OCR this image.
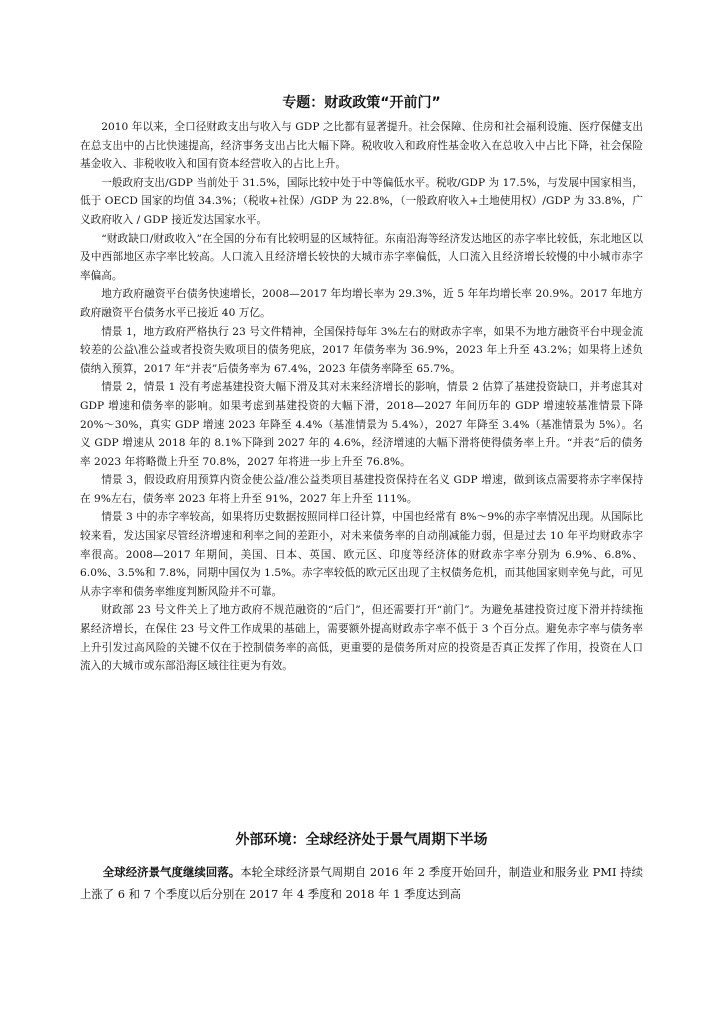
专题：财政政策“开前门”

2010 年以来，全口径财政支出与收入与 GDP 之比都有显著提升。社会保障、住房和社会福利设施、医疗保健支出在总支出中的占比快速提高，经济事务支出占比大幅下降。税收收入和政府性基金收入在总收入中占比下降，社会保险基金收入、非税收收入和国有资本经营收入的占比上升。

一般政府支出/GDP 当前处于 31.5%，国际比较中处于中等偏低水平。税收/GDP 为 17.5%，与发展中国家相当，低于 OECD 国家的均值 34.3%；（税收+社保）/GDP 为 22.8%，（一般政府收入+土地使用权）/GDP 为 33.8%，广义政府收入 / GDP 接近发达国家水平。

“财政缺口/财政收入”在全国的分布有比较明显的区域特征。东南沿海等经济发达地区的赤字率比较低，东北地区以及中西部地区赤字率比较高。人口流入且经济增长较快的大城市赤字率偏低，人口流入且经济增长较慢的中小城市赤字率偏高。

地方政府融资平台债务快速增长，2008—2017 年均增长率为 29.3%，近 5 年年均增长率 20.9%。2017 年地方政府融资平台债务水平已接近 40 万亿。

情景 1，地方政府严格执行 23 号文件精神，全国保持每年 3%左右的财政赤字率，如果不为地方融资平台中现金流较差的公益\准公益或者投资失败项目的债务兜底，2017 年债务率为 36.9%，2023 年上升至 43.2%；如果将上述负债纳入预算，2017 年“并表”后债务率为 67.4%，2023 年债务率降至 65.7%。

情景 2，情景 1 没有考虑基建投资大幅下滑及其对未来经济增长的影响，情景 2 估算了基建投资缺口，并考虑其对 GDP 增速和债务率的影响。如果考虑到基建投资的大幅下滑，2018—2027 年间历年的 GDP 增速较基准情景下降 20%～30%，真实 GDP 增速 2023 年降至 4.4%（基准情景为 5.4%），2027 年降至 3.4%（基准情景为 5%）。名义 GDP 增速从 2018 年的 8.1%下降到 2027 年的 4.6%，经济增速的大幅下滑将使得债务率上升。“并表”后的债务率 2023 年将略微上升至 70.8%，2027 年将进一步上升至 76.8%。

情景 3，假设政府用预算内资金使公益/准公益类项目基建投资保持在名义 GDP 增速，做到该点需要将赤字率保持在 9%左右，债务率 2023 年将上升至 91%，2027 年上升至 111%。

情景 3 中的赤字率较高，如果将历史数据按照同样口径计算，中国也经常有 8%～9%的赤字率情况出现。从国际比较来看，发达国家尽管经济增速和利率之间的差距小，对未来债务率的自动削减能力弱，但是过去 10 年平均财政赤字率很高。2008—2017 年期间，美国、日本、英国、欧元区、印度等经济体的财政赤字率分别为 6.9%、6.8%、6.0%、3.5%和 7.8%，同期中国仅为 1.5%。赤字率较低的欧元区出现了主权债务危机，而其他国家则幸免与此，可见从赤字率和债务率维度判断风险并不可靠。

财政部 23 号文件关上了地方政府不规范融资的“后门”，但还需要打开“前门”。为避免基建投资过度下滑并持续拖累经济增长，在保住 23 号文件工作成果的基础上，需要额外提高财政赤字率不低于 3 个百分点。避免赤字率与债务率上升引发过高风险的关键不仅在于控制债务率的高低，更重要的是债务所对应的投资是否真正发挥了作用，投资在人口流入的大城市或东部沿海区域往往更为有效。

外部环境：全球经济处于景气周期下半场

全球经济景气度继续回落。本轮全球经济景气周期自 2016 年 2 季度开始回升，制造业和服务业 PMI 持续上涨了 6 和 7 个季度以后分别在 2017 年 4 季度和 2018 年 1 季度达到高
